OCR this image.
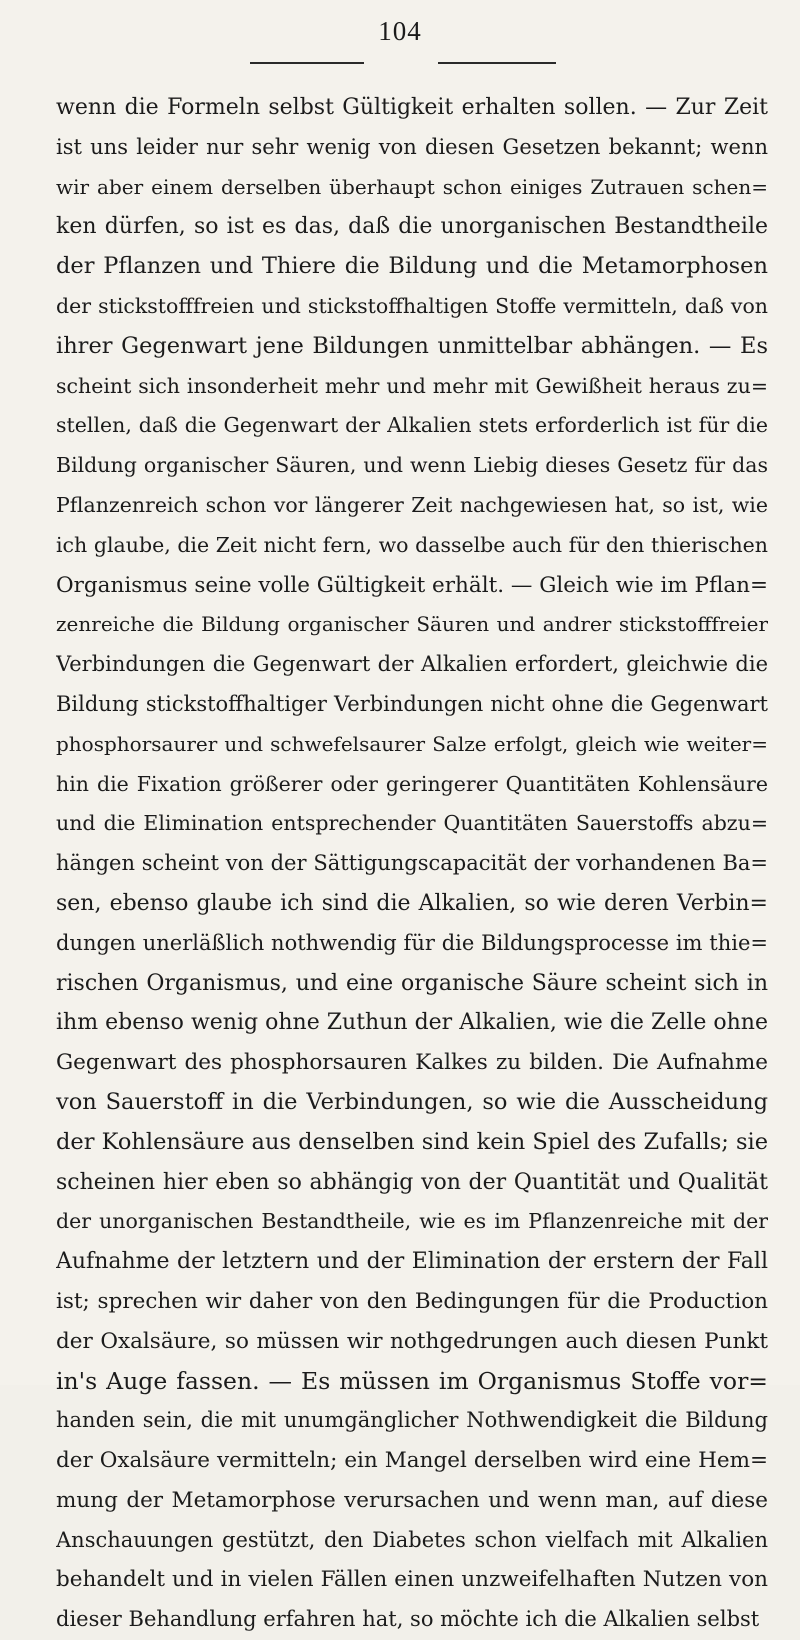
104
wenn die Formeln selbst Gültigkeit erhalten sollen. — Zur Zeit
ist uns leider nur sehr wenig von diesen Gesetzen bekannt; wenn
wir aber einem derselben überhaupt schon einiges Zutrauen schen=
ken dürfen, so ist es das, daß die unorganischen Bestandtheile
der Pflanzen und Thiere die Bildung und die Metamorphosen
der stickstofffreien und stickstoffhaltigen Stoffe vermitteln, daß von
ihrer Gegenwart jene Bildungen unmittelbar abhängen. — Es
scheint sich insonderheit mehr und mehr mit Gewißheit heraus zu=
stellen, daß die Gegenwart der Alkalien stets erforderlich ist für die
Bildung organischer Säuren, und wenn Liebig dieses Gesetz für das
Pflanzenreich schon vor längerer Zeit nachgewiesen hat, so ist, wie
ich glaube, die Zeit nicht fern, wo dasselbe auch für den thierischen
Organismus seine volle Gültigkeit erhält. — Gleich wie im Pflan=
zenreiche die Bildung organischer Säuren und andrer stickstofffreier
Verbindungen die Gegenwart der Alkalien erfordert, gleichwie die
Bildung stickstoffhaltiger Verbindungen nicht ohne die Gegenwart
phosphorsaurer und schwefelsaurer Salze erfolgt, gleich wie weiter=
hin die Fixation größerer oder geringerer Quantitäten Kohlensäure
und die Elimination entsprechender Quantitäten Sauerstoffs abzu=
hängen scheint von der Sättigungscapacität der vorhandenen Ba=
sen, ebenso glaube ich sind die Alkalien, so wie deren Verbin=
dungen unerläßlich nothwendig für die Bildungsprocesse im thie=
rischen Organismus, und eine organische Säure scheint sich in
ihm ebenso wenig ohne Zuthun der Alkalien, wie die Zelle ohne
Gegenwart des phosphorsauren Kalkes zu bilden. Die Aufnahme
von Sauerstoff in die Verbindungen, so wie die Ausscheidung
der Kohlensäure aus denselben sind kein Spiel des Zufalls; sie
scheinen hier eben so abhängig von der Quantität und Qualität
der unorganischen Bestandtheile, wie es im Pflanzenreiche mit der
Aufnahme der letztern und der Elimination der erstern der Fall
ist; sprechen wir daher von den Bedingungen für die Production
der Oxalsäure, so müssen wir nothgedrungen auch diesen Punkt
in's Auge fassen. — Es müssen im Organismus Stoffe vor=
handen sein, die mit unumgänglicher Nothwendigkeit die Bildung
der Oxalsäure vermitteln; ein Mangel derselben wird eine Hem=
mung der Metamorphose verursachen und wenn man, auf diese
Anschauungen gestützt, den Diabetes schon vielfach mit Alkalien
behandelt und in vielen Fällen einen unzweifelhaften Nutzen von
dieser Behandlung erfahren hat, so möchte ich die Alkalien selbst
